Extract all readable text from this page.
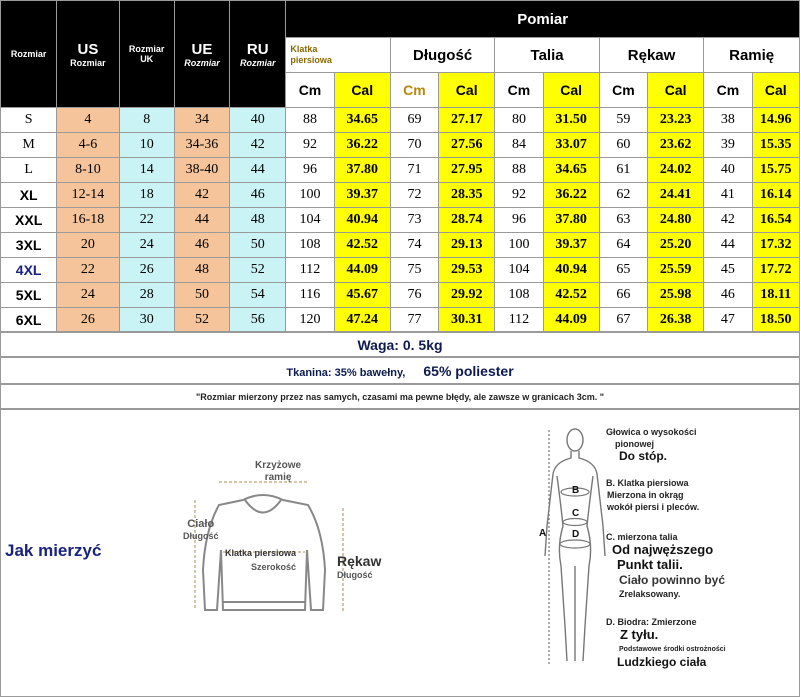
Rozmiar	US
Rozmiar	Rozmiar UK	UE
Rozmiar	RU
Rozmiar	Pomiar									

					Klatka piersiowa		Długość		Talia		Rękaw		Ramię	
					Cm	Cal	Cm	Cal	Cm	Cal	Cm	Cal	Cm	Cal
S	4	8	34	40	88	34.65	69	27.17	80	31.50	59	23.23	38	14.96
M	4-6	10	34-36	42	92	36.22	70	27.56	84	33.07	60	23.62	39	15.35
L	8-10	14	38-40	44	96	37.80	71	27.95	88	34.65	61	24.02	40	15.75
XL	12-14	18	42	46	100	39.37	72	28.35	92	36.22	62	24.41	41	16.14
XXL	16-18	22	44	48	104	40.94	73	28.74	96	37.80	63	24.80	42	16.54
3XL	20	24	46	50	108	42.52	74	29.13	100	39.37	64	25.20	44	17.32
4XL	22	26	48	52	112	44.09	75	29.53	104	40.94	65	25.59	45	17.72
5XL	24	28	50	54	116	45.67	76	29.92	108	42.52	66	25.98	46	18.11
6XL	26	30	52	56	120	47.24	77	30.31	112	44.09	67	26.38	47	18.50
Waga: 0. 5kg
Tkanina: 35% bawełny, 65% poliester
"Rozmiar mierzony przez nas samych, czasami ma pewne błędy, ale zawsze w granicach 3cm. "
Jak mierzyć
Krzyżowe
ramię
Ciało
Długość
Klatka piersiowa
Szerokość	Rękaw
Długość
A
B
C
D
Głowica o wysokości
pionowej
Do stóp.
B. Klatka piersiowa
Mierzona in okrąg
wokół piersi i pleców.
C. mierzona talia
Od najwęższego
Punkt talii.
Ciało powinno być
Zrelaksowany.
D. Biodra: Zmierzone
Z tyłu.
Podstawowe środki ostrożności
Ludzkiego ciała
